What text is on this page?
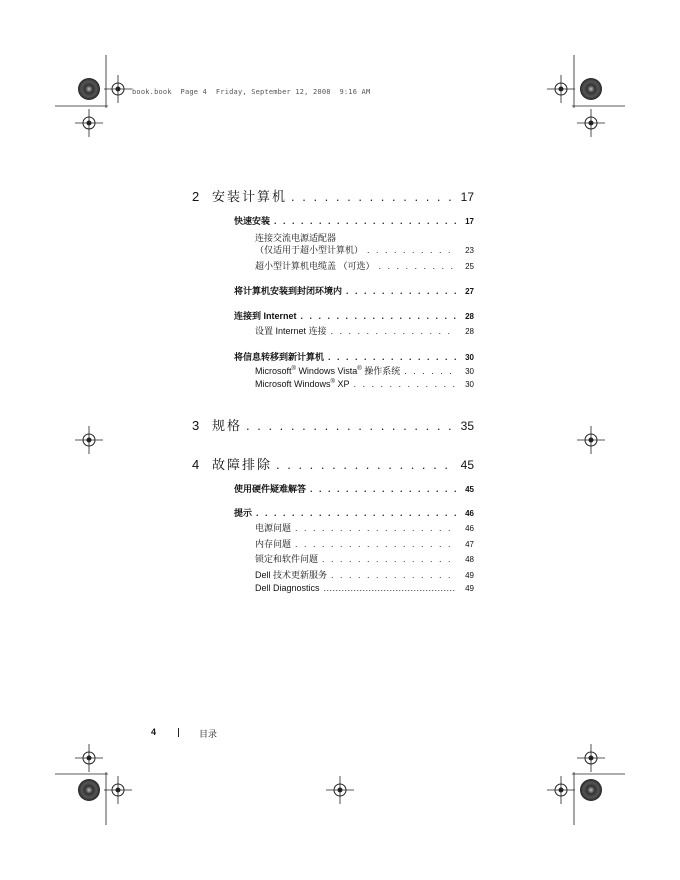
book.book  Page 4  Friday, September 12, 2008  9:16 AM
2 安装计算机 . . .	17
快速安装 . . .	17
连接交流电源适配器
（仅适用于超小型计算机） . . .	23
超小型计算机电缆盖 （可选） . . .	25
将计算机安装到封闭环境内 . . .	27
连接到 Internet . . .	28
设置 Internet 连接 . . .	28
将信息转移到新计算机 . . .	30
Microsoft® Windows Vista® 操作系统 . . .	30
Microsoft Windows® XP . . .	30
3 规格 . . .	35
4 故障排除 . . .	45
使用硬件疑难解答 . . .	45
提示 . . .	46
电源问题 . . .	46
内存问题 . . .	47
锁定和软件问题 . . .	48
Dell 技术更新服务 . . .	49
Dell Diagnostics .....	49
4	目录
